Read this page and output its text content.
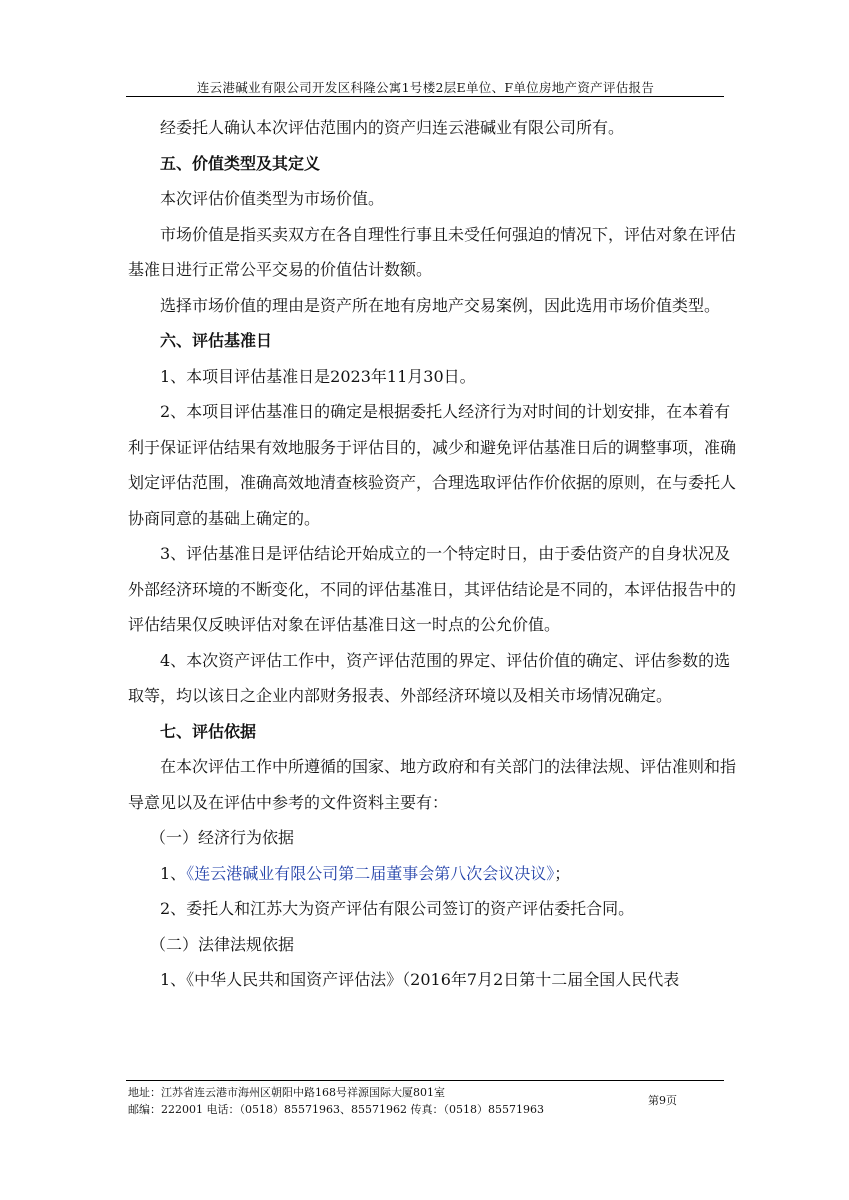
连云港碱业有限公司开发区科隆公寓1号楼2层E单位、F单位房地产资产评估报告

经委托人确认本次评估范围内的资产归连云港碱业有限公司所有。

五、价值类型及其定义

本次评估价值类型为市场价值。

市场价值是指买卖双方在各自理性行事且未受任何强迫的情况下，评估对象在评估基准日进行正常公平交易的价值估计数额。

选择市场价值的理由是资产所在地有房地产交易案例，因此选用市场价值类型。

六、评估基准日

1、本项目评估基准日是2023年11月30日。

2、本项目评估基准日的确定是根据委托人经济行为对时间的计划安排，在本着有利于保证评估结果有效地服务于评估目的，减少和避免评估基准日后的调整事项，准确划定评估范围，准确高效地清查核验资产，合理选取评估作价依据的原则，在与委托人协商同意的基础上确定的。

3、评估基准日是评估结论开始成立的一个特定时日，由于委估资产的自身状况及外部经济环境的不断变化，不同的评估基准日，其评估结论是不同的，本评估报告中的评估结果仅反映评估对象在评估基准日这一时点的公允价值。

4、本次资产评估工作中，资产评估范围的界定、评估价值的确定、评估参数的选取等，均以该日之企业内部财务报表、外部经济环境以及相关市场情况确定。

七、评估依据

在本次评估工作中所遵循的国家、地方政府和有关部门的法律法规、评估准则和指导意见以及在评估中参考的文件资料主要有：

（一）经济行为依据

1、《连云港碱业有限公司第二届董事会第八次会议决议》；

2、委托人和江苏大为资产评估有限公司签订的资产评估委托合同。

（二）法律法规依据

1、《中华人民共和国资产评估法》（2016年7月2日第十二届全国人民代表

地址：江苏省连云港市海州区朝阳中路168号祥源国际大厦801室
邮编：222001 电话：（0518）85571963、85571962 传真：（0518）85571963
第9页
